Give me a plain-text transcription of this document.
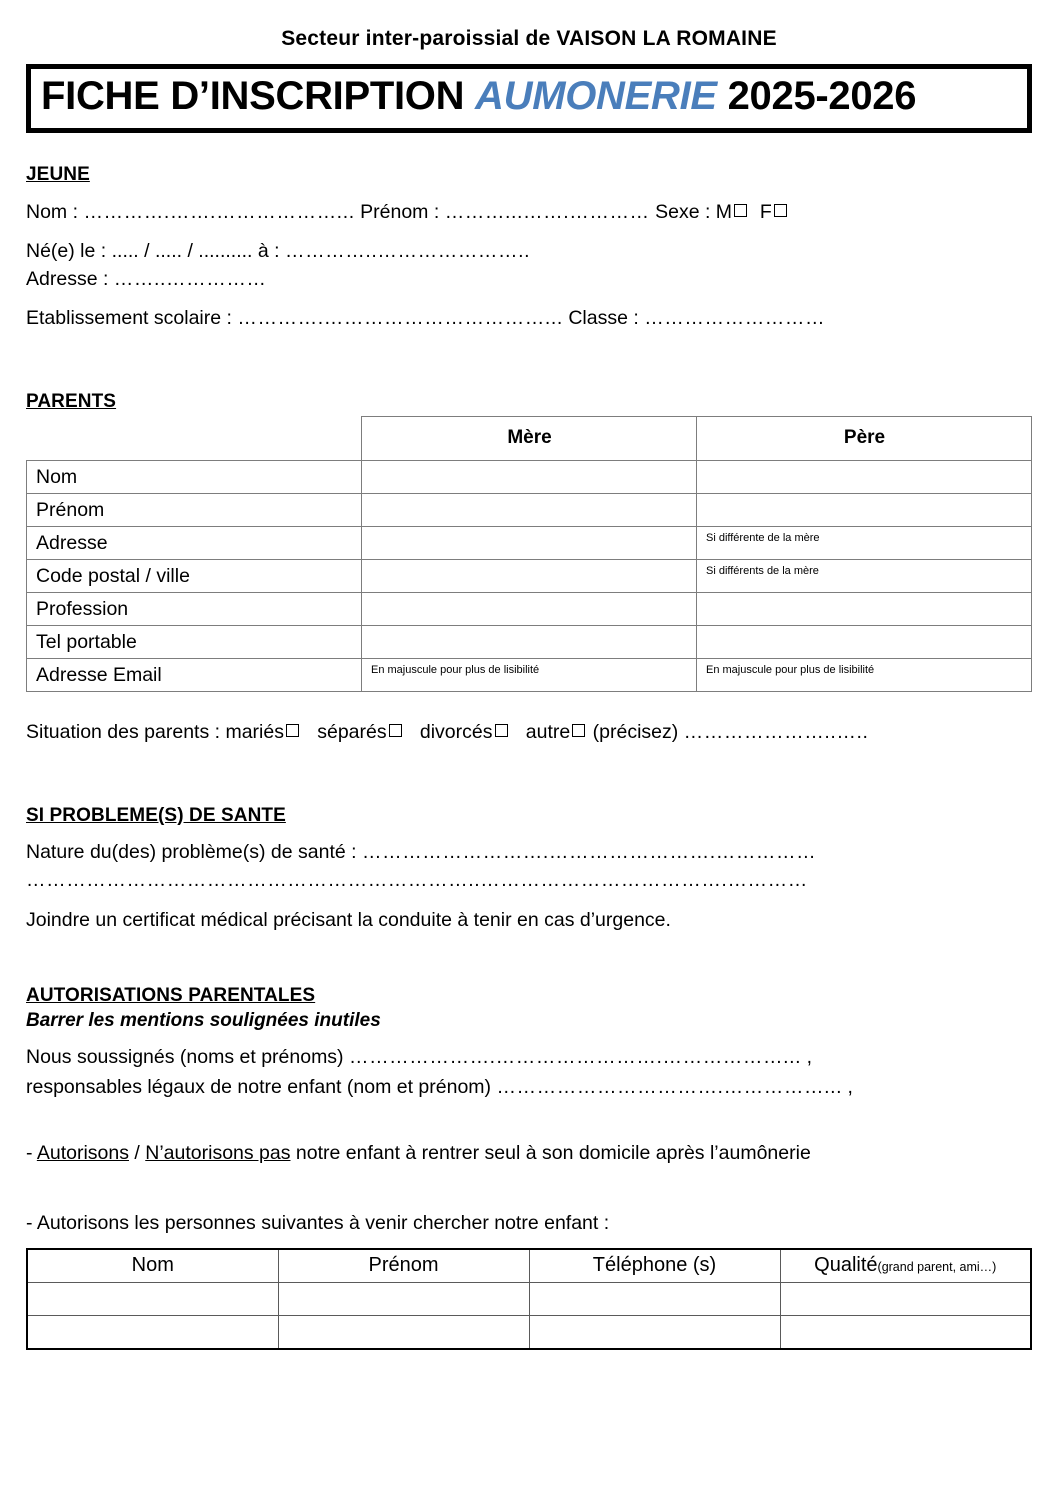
Secteur inter-paroissial de VAISON LA ROMAINE
FICHE D’INSCRIPTION AUMONERIE 2025-2026
JEUNE
Nom : ………….…….………………... Prénom : ………...…….………… Sexe : M F
Né(e) le : ..... / ..... / .......... à : …………..…………………..
Adresse : ……..……………
Etablissement scolaire : ………….……………………………... Classe : ………………………
PARENTS
	Mère	Père
Nom		
Prénom		
Adresse		Si différente de la mère
Code postal / ville		Si différents de la mère
Profession		
Tel portable		
Adresse Email	En majuscule pour plus de lisibilité	En majuscule pour plus de lisibilité
Situation des parents : mariés séparés divorcés autre (précisez) …………………..…..
SI PROBLEME(S) DE SANTE
Nature du(des) problème(s) de santé : ……………………….…………………….……………
…………………………………………………………..……………………………….…………
Joindre un certificat médical précisant la conduite à tenir en cas d’urgence.
AUTORISATIONS PARENTALES
Barrer les mentions soulignées inutiles
Nous soussignés (noms et prénoms) ………………….…………………….………………... ,
responsables légaux de notre enfant (nom et prénom) …………………………….……………... ,
- Autorisons / N’autorisons pas notre enfant à rentrer seul à son domicile après l’aumônerie
- Autorisons les personnes suivantes à venir chercher notre enfant :
Nom	Prénom	Téléphone (s)	Qualité(grand parent, ami…)
